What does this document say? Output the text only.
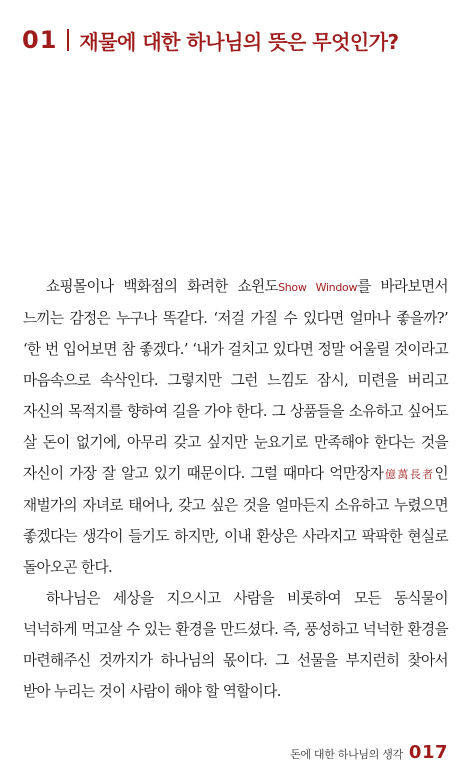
01 재물에 대한 하나님의 뜻은 무엇인가?

쇼핑몰이나 백화점의 화려한 쇼윈도Show Window를 바라보면서 느끼는 감정은 누구나 똑같다. ‘저걸 가질 수 있다면 얼마나 좋을까?’ ‘한 번 입어보면 참 좋겠다.’ ‘내가 걸치고 있다면 정말 어울릴 것이라고 마음속으로 속삭인다. 그렇지만 그런 느낌도 잠시, 미련을 버리고 자신의 목적지를 향하여 길을 가야 한다. 그 상품들을 소유하고 싶어도 살 돈이 없기에, 아무리 갖고 싶지만 눈요기로 만족해야 한다는 것을 자신이 가장 잘 알고 있기 때문이다. 그럴 때마다 억만장자億萬長者인 재벌가의 자녀로 태어나, 갖고 싶은 것을 얼마든지 소유하고 누렸으면 좋겠다는 생각이 들기도 하지만, 이내 환상은 사라지고 팍팍한 현실로 돌아오곤 한다.

하나님은 세상을 지으시고 사람을 비롯하여 모든 동식물이 넉넉하게 먹고살 수 있는 환경을 만드셨다. 즉, 풍성하고 넉넉한 환경을 마련해주신 것까지가 하나님의 몫이다. 그 선물을 부지런히 찾아서 받아 누리는 것이 사람이 해야 할 역할이다.

돈에 대한 하나님의 생각 017
